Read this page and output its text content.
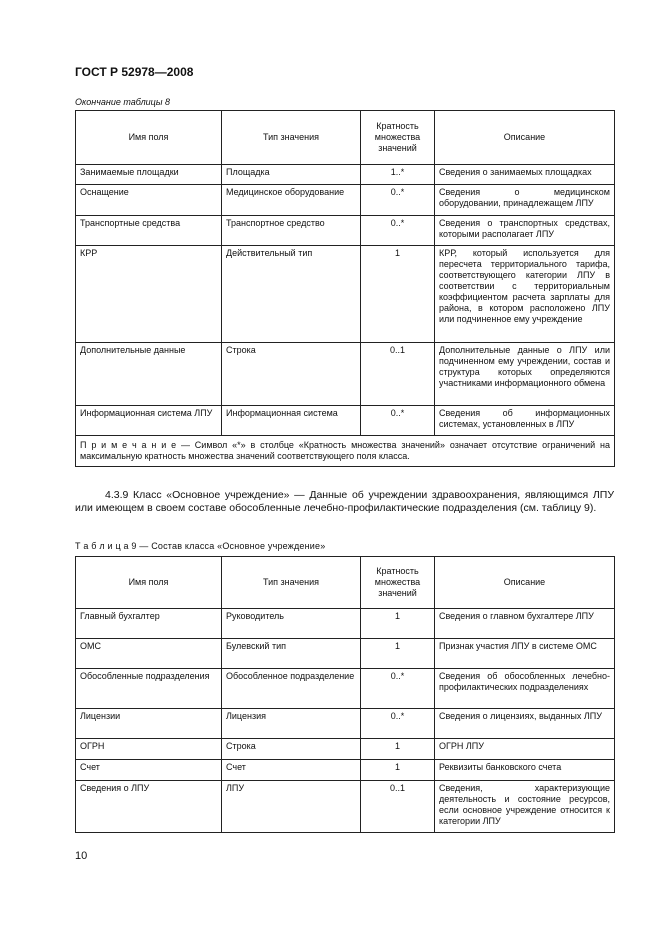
ГОСТ Р 52978—2008
Окончание таблицы 8
Имя поля	Тип значения	Кратность множества значений	Описание
Занимаемые площадки	Площадка	1..*	Сведения о занимаемых площадках
Оснащение	Медицинское оборудование	0..*	Сведения о медицинском оборудовании, принадлежащем ЛПУ
Транспортные средства	Транспортное средство	0..*	Сведения о транспортных средствах, которыми располагает ЛПУ
КРР	Действительный тип	1	КРР, который используется для пересчета территориального тарифа, соответствующего категории ЛПУ в соответствии с территориальным коэффициентом расчета зарплаты для района, в котором расположено ЛПУ или подчиненное ему учреждение
Дополнительные данные	Строка	0..1	Дополнительные данные о ЛПУ или подчиненном ему учреждении, состав и структура которых определяются участниками информационного обмена
Информационная система ЛПУ	Информационная система	0..*	Сведения об информационных системах, установленных в ЛПУ
П р и м е ч а н и е — Символ «*» в столбце «Кратность множества значений» означает отсутствие ограничений на максимальную кратность множества значений соответствующего поля класса.			
4.3.9 Класс «Основное учреждение» — Данные об учреждении здравоохранения, являющимся ЛПУ или имеющем в своем составе обособленные лечебно-профилактические подразделения (см. таблицу 9).
Т а б л и ц а 9 — Состав класса «Основное учреждение»
Имя поля	Тип значения	Кратность множества значений	Описание
Главный бухгалтер	Руководитель	1	Сведения о главном бухгалтере ЛПУ
ОМС	Булевский тип	1	Признак участия ЛПУ в системе ОМС
Обособленные подразделения	Обособленное подразделение	0..*	Сведения об обособленных лечебно-профилактических подразделениях
Лицензии	Лицензия	0..*	Сведения о лицензиях, выданных ЛПУ
ОГРН	Строка	1	ОГРН ЛПУ
Счет	Счет	1	Реквизиты банковского счета
Сведения о ЛПУ	ЛПУ	0..1	Сведения, характеризующие деятельность и состояние ресурсов, если основное учреждение относится к категории ЛПУ
10
